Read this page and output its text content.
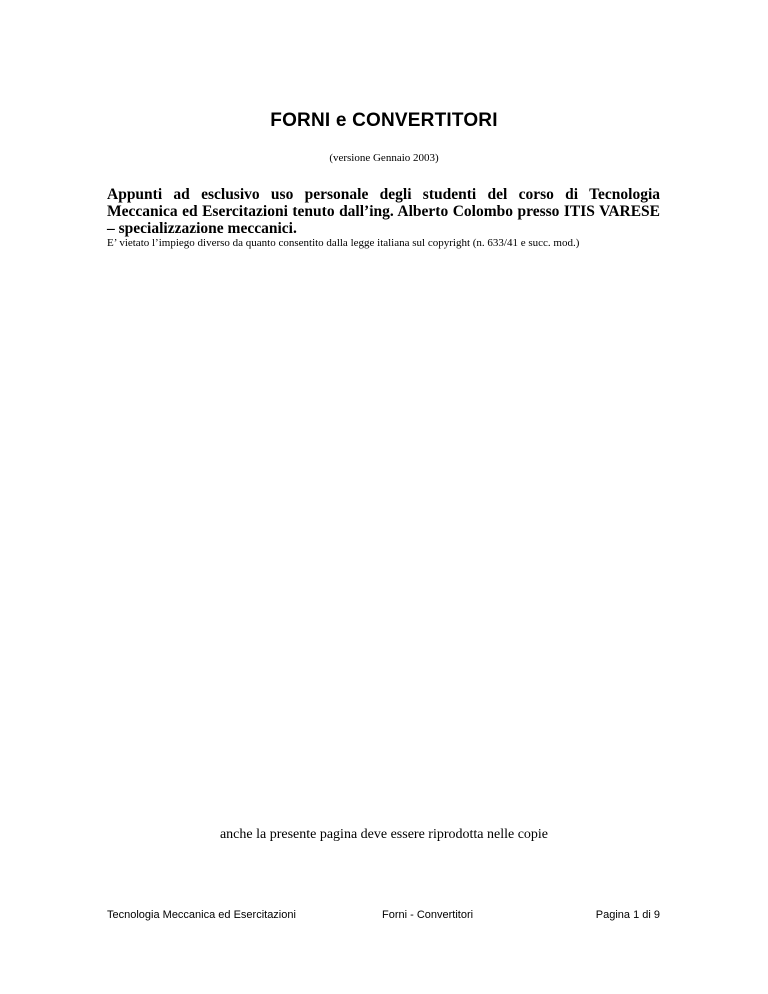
FORNI e CONVERTITORI
(versione Gennaio 2003)
Appunti ad esclusivo uso personale degli studenti del corso di Tecnologia Meccanica ed Esercitazioni tenuto dall’ing. Alberto Colombo presso ITIS VARESE – specializzazione meccanici.
E’ vietato l’impiego diverso da quanto consentito dalla legge italiana sul copyright (n. 633/41 e succ. mod.)
anche la presente pagina deve essere riprodotta nelle copie
Tecnologia Meccanica ed Esercitazioni	Forni - Convertitori	Pagina 1 di 9
